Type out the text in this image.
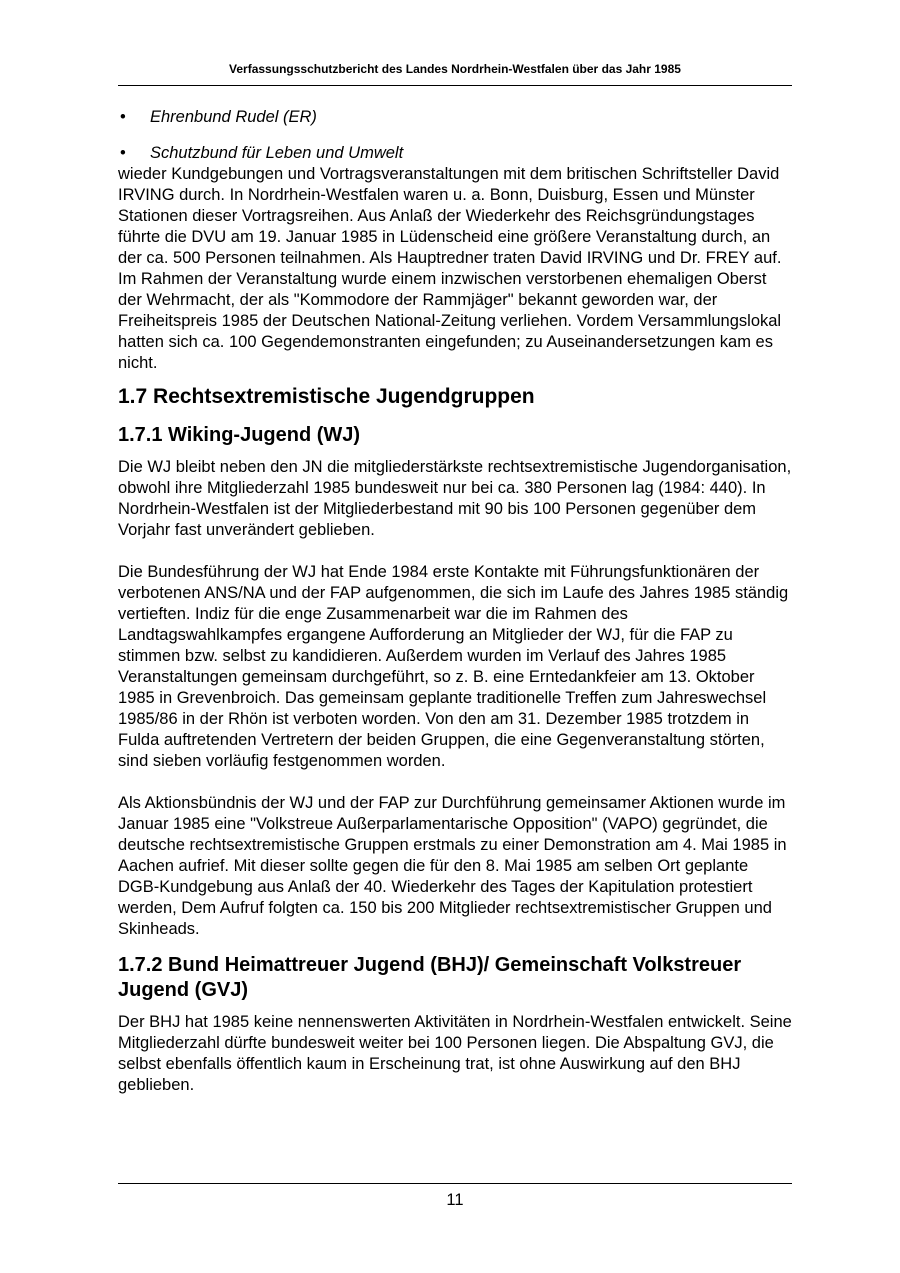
Verfassungsschutzbericht des Landes Nordrhein-Westfalen über das Jahr 1985
•	Ehrenbund Rudel (ER)
•	Schutzbund für Leben und Umwelt

wieder Kundgebungen und Vortragsveranstaltungen mit dem britischen Schriftsteller David IRVING durch. In Nordrhein-Westfalen waren u. a. Bonn, Duisburg, Essen und Münster Stationen dieser Vortragsreihen. Aus Anlaß der Wiederkehr des Reichsgründungstages führte die DVU am 19. Januar 1985 in Lüdenscheid eine größere Veranstaltung durch, an der ca. 500 Personen teilnahmen. Als Hauptredner traten David IRVING und Dr. FREY auf. Im Rahmen der Veranstaltung wurde einem inzwischen verstorbenen ehemaligen Oberst der Wehrmacht, der als "Kommodore der Rammjäger" bekannt geworden war, der Freiheitspreis 1985 der Deutschen National-Zeitung verliehen. Vordem Versammlungslokal hatten sich ca. 100 Gegendemonstranten eingefunden; zu Auseinandersetzungen kam es nicht.

1.7 Rechtsextremistische Jugendgruppen
1.7.1 Wiking-Jugend (WJ)

Die WJ bleibt neben den JN die mitgliederstärkste rechtsextremistische Jugendorganisation, obwohl ihre Mitgliederzahl 1985 bundesweit nur bei ca. 380 Personen lag (1984: 440). In Nordrhein-Westfalen ist der Mitgliederbestand mit 90 bis 100 Personen gegenüber dem Vorjahr fast unverändert geblieben.

Die Bundesführung der WJ hat Ende 1984 erste Kontakte mit Führungsfunktionären der verbotenen ANS/NA und der FAP aufgenommen, die sich im Laufe des Jahres 1985 ständig vertieften. Indiz für die enge Zusammenarbeit war die im Rahmen des Landtagswahlkampfes ergangene Aufforderung an Mitglieder der WJ, für die FAP zu stimmen bzw. selbst zu kandidieren. Außerdem wurden im Verlauf des Jahres 1985 Veranstaltungen gemeinsam durchgeführt, so z. B. eine Erntedankfeier am 13. Oktober 1985 in Grevenbroich. Das gemeinsam geplante traditionelle Treffen zum Jahreswechsel 1985/86 in der Rhön ist verboten worden. Von den am 31. Dezember 1985 trotzdem in Fulda auftretenden Vertretern der beiden Gruppen, die eine Gegenveranstaltung störten, sind sieben vorläufig festgenommen worden.

Als Aktionsbündnis der WJ und der FAP zur Durchführung gemeinsamer Aktionen wurde im Januar 1985 eine "Volkstreue Außerparlamentarische Opposition" (VAPO) gegründet, die deutsche rechtsextremistische Gruppen erstmals zu einer Demonstration am 4. Mai 1985 in Aachen aufrief. Mit dieser sollte gegen die für den 8. Mai 1985 am selben Ort geplante DGB-Kundgebung aus Anlaß der 40. Wiederkehr des Tages der Kapitulation protestiert werden, Dem Aufruf folgten ca. 150 bis 200 Mitglieder rechtsextremistischer Gruppen und Skinheads.

1.7.2 Bund Heimattreuer Jugend (BHJ)/ Gemeinschaft Volkstreuer Jugend (GVJ)

Der BHJ hat 1985 keine nennenswerten Aktivitäten in Nordrhein-Westfalen entwickelt. Seine Mitgliederzahl dürfte bundesweit weiter bei 100 Personen liegen. Die Abspaltung GVJ, die selbst ebenfalls öffentlich kaum in Erscheinung trat, ist ohne Auswirkung auf den BHJ geblieben.

11
